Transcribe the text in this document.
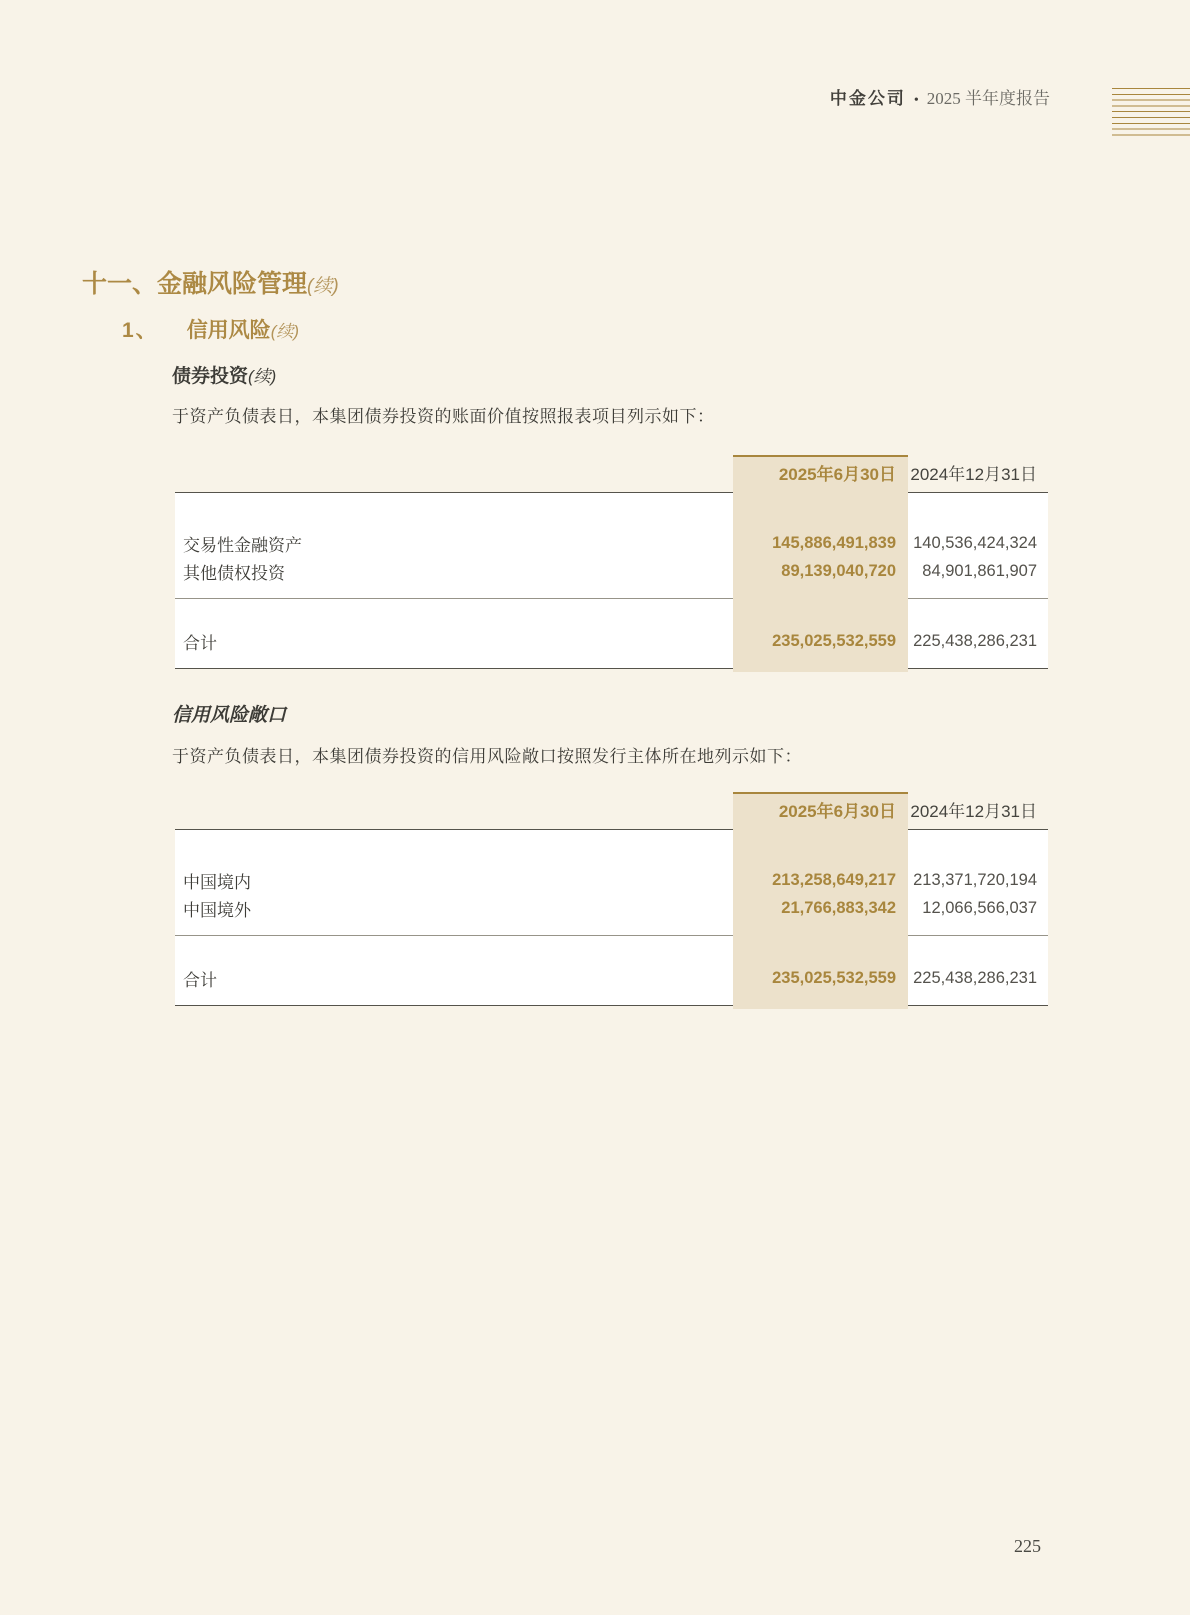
中金公司 • 2025 半年度报告
十一、金融风险管理(续)
1、 信用风险(续)
债券投资(续)
于资产负债表日，本集团债券投资的账面价值按照报表项目列示如下：
2025年6月30日 2024年12月31日
交易性金融资产	145,886,491,839	140,536,424,324
其他债权投资	89,139,040,720	84,901,861,907
合计	235,025,532,559	225,438,286,231
信用风险敞口
于资产负债表日，本集团债券投资的信用风险敞口按照发行主体所在地列示如下：
2025年6月30日 2024年12月31日
中国境内	213,258,649,217	213,371,720,194
中国境外	21,766,883,342	12,066,566,037
合计	235,025,532,559	225,438,286,231
225
